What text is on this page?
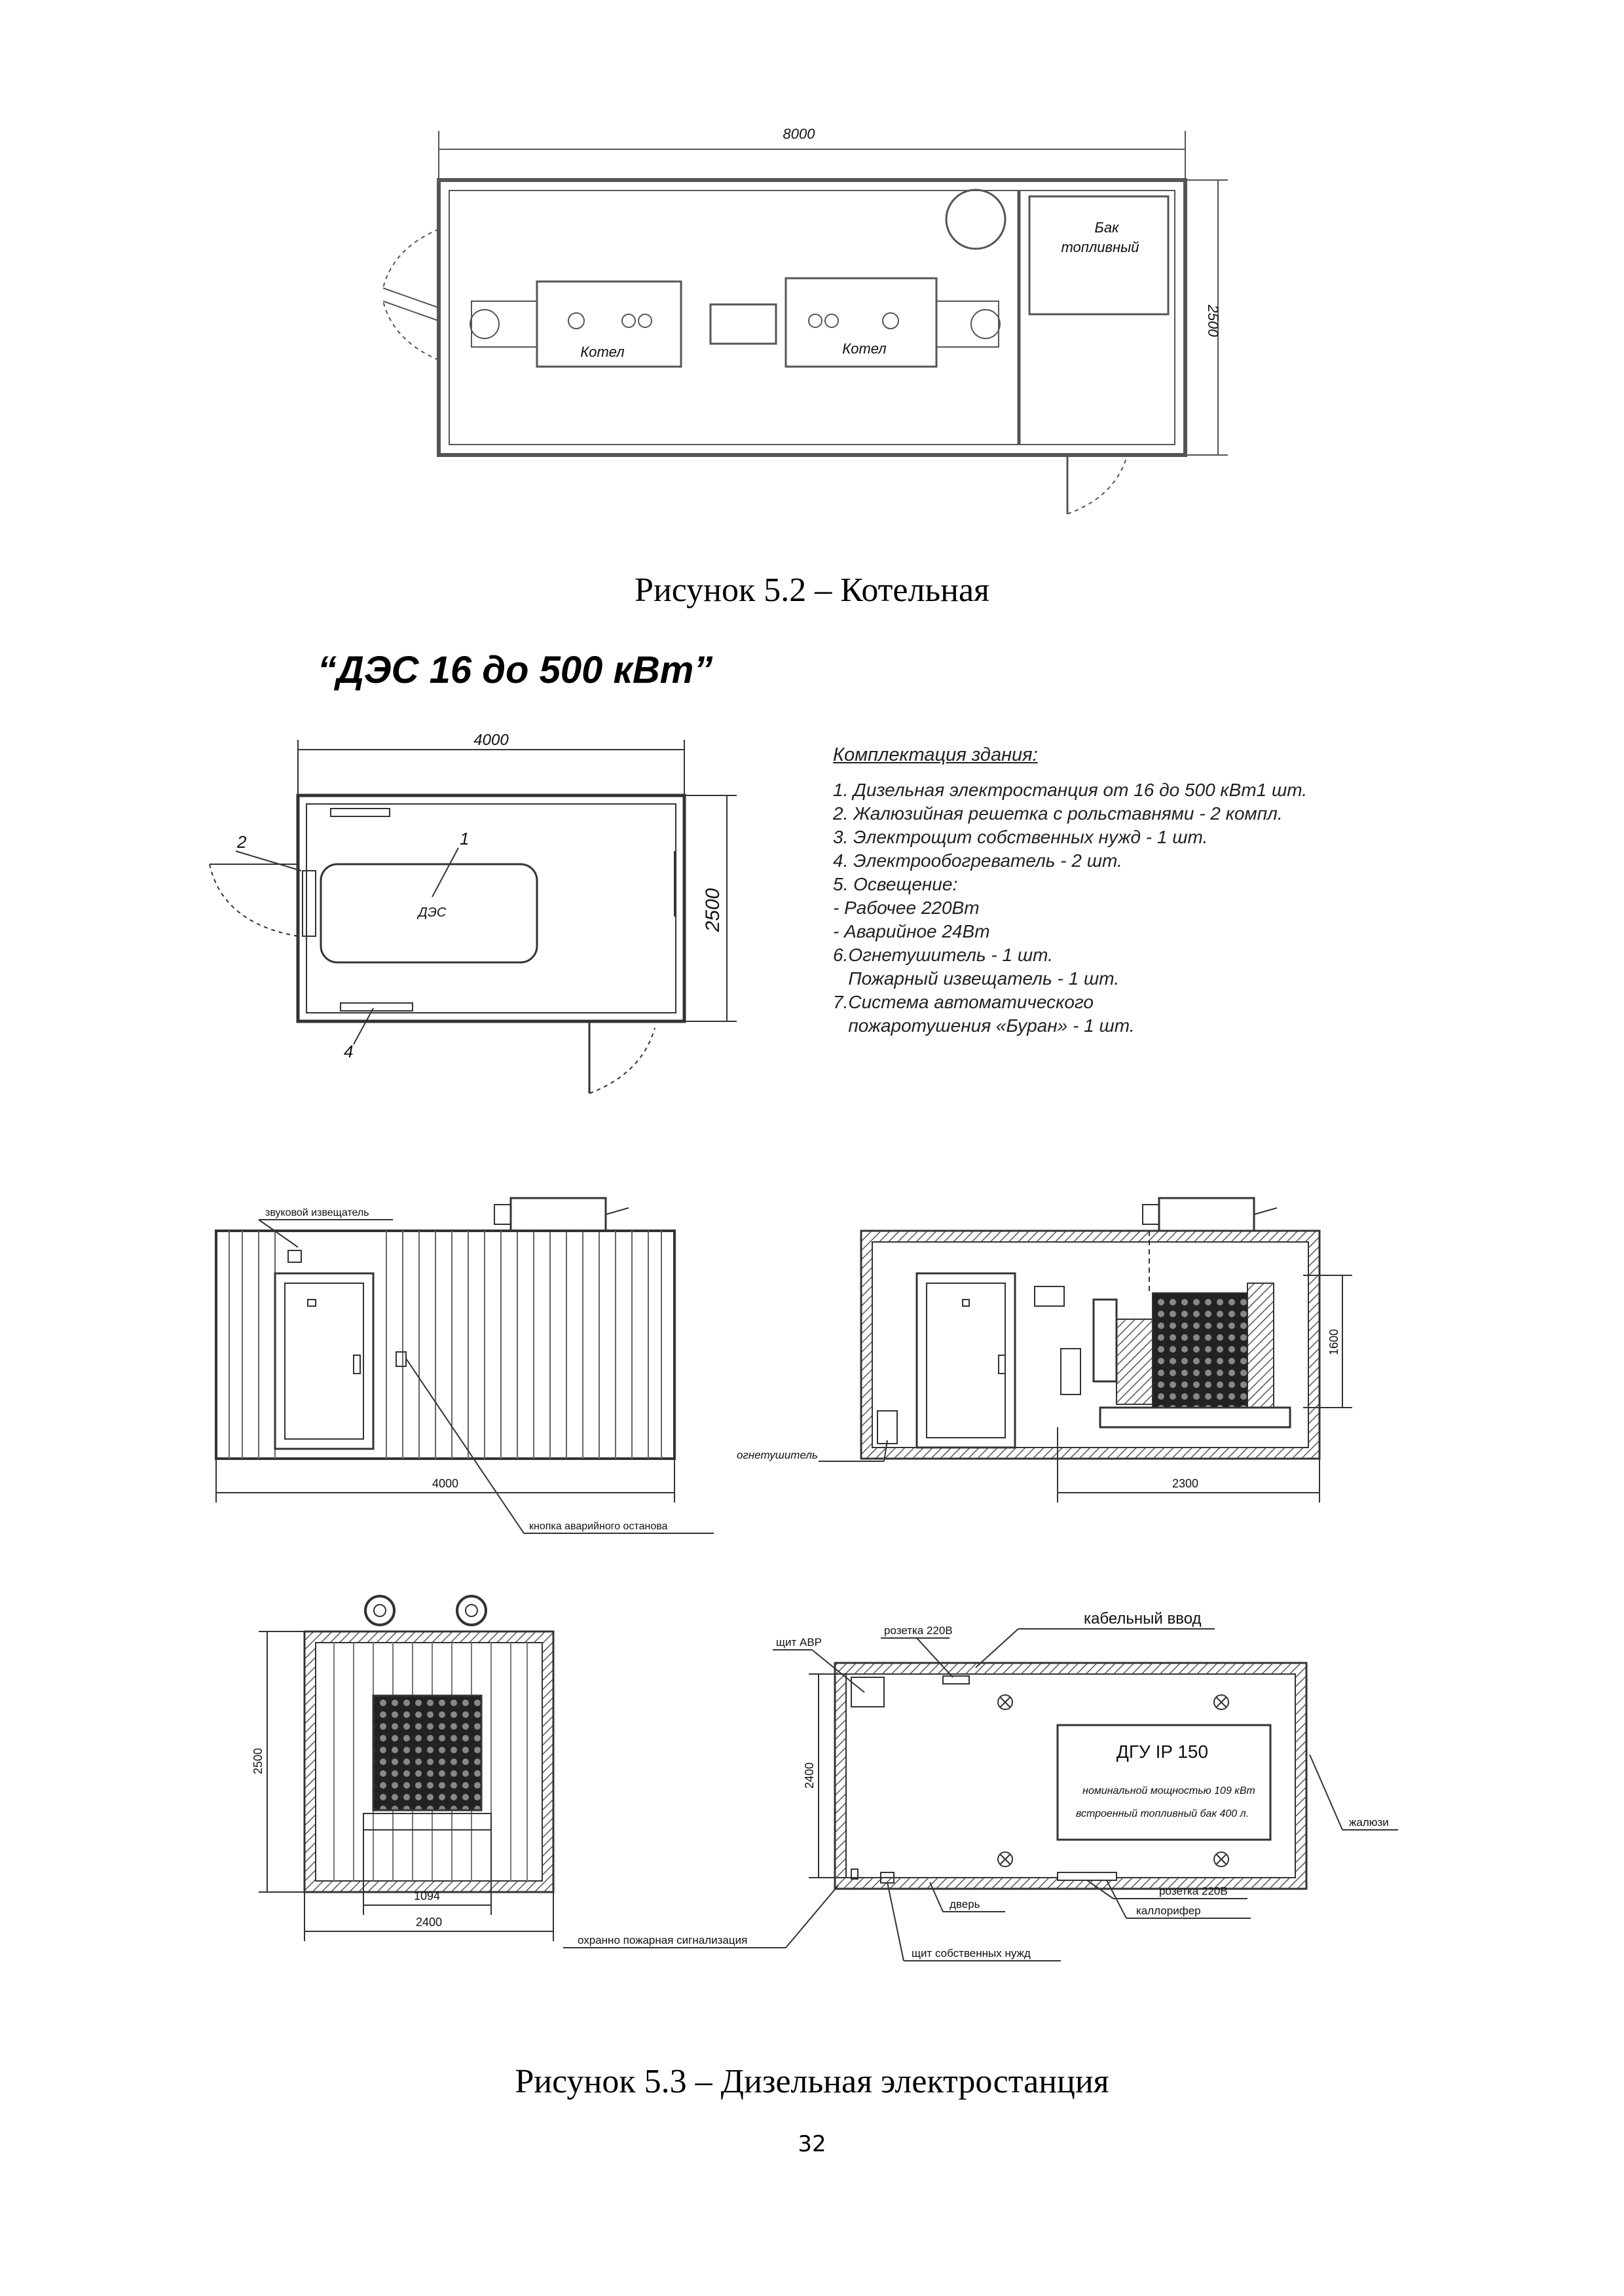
8000
2500
Бак
топливный
Котел	Котел
4000
2500
ДЭС
1
2
4
звуковой извещатель
4000
кнопка аварийного останова
огнетушитель
1600
2300
2500
1094
2400
щит АВР
розетка 220В
кабельный ввод
ДГУ IP 150
номинальной мощностью 109 кВт
встроенный топливный бак 400 л.
жалюзи
2400
дверь
розетка 220В
каллорифер
охранно пожарная сигнализация
щит собственных нужд
Рисунок 5.2 – Котельная
“ДЭС 16 до 500 кВт”
Комплектация здания:
1. Дизельная электростанция от 16 до 500 кВт1 шт.
2. Жалюзийная решетка с рольставнями - 2 компл.
3. Электрощит собственных нужд - 1 шт.
4. Электрообогреватель - 2 шт.
5. Освещение:
- Рабочее 220Вт
- Аварийное 24Вт
6.Огнетушитель - 1 шт.
Пожарный извещатель - 1 шт.
7.Система автоматического
пожаротушения «Буран» - 1 шт.
Рисунок 5.3 – Дизельная электростанция
32
